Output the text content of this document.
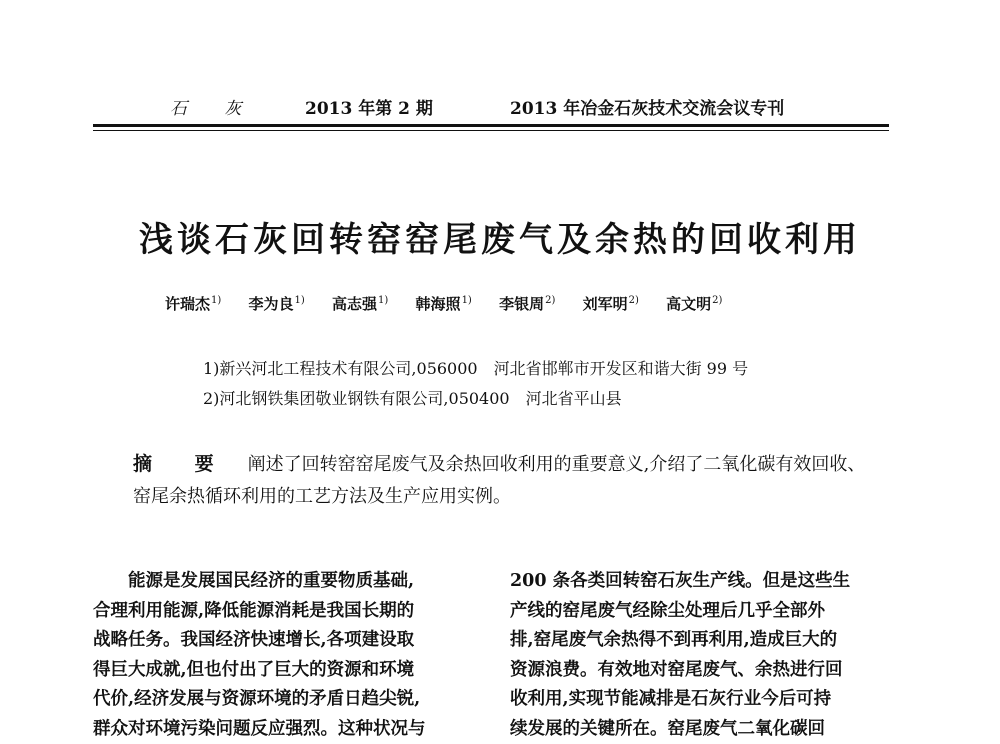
石 灰	2013 年第 2 期	2013 年冶金石灰技术交流会议专刊
浅谈石灰回转窑窑尾废气及余热的回收利用
许瑞杰$^{1)}$ 李为良$^{1)}$ 高志强$^{1)}$ 韩海照$^{1)}$ 李银周$^{2)}$ 刘军明$^{2)}$ 高文明$^{2)}$
1)新兴河北工程技术有限公司,056000　河北省邯郸市开发区和谐大街 99 号
2)河北钢铁集团敬业钢铁有限公司,050400　河北省平山县
摘 要 阐述了回转窑窑尾废气及余热回收利用的重要意义,介绍了二氧化碳有效回收、窑尾余热循环利用的工艺方法及生产应用实例。

　　能源是发展国民经济的重要物质基础,

合理利用能源,降低能源消耗是我国长期的

战略任务。我国经济快速增长,各项建设取

得巨大成就,但也付出了巨大的资源和环境

代价,经济发展与资源环境的矛盾日趋尖锐,

群众对环境污染问题反应强烈。这种状况与

200 条各类回转窑石灰生产线。但是这些生

产线的窑尾废气经除尘处理后几乎全部外

排,窑尾废气余热得不到再利用,造成巨大的

资源浪费。有效地对窑尾废气、余热进行回

收利用,实现节能减排是石灰行业今后可持

续发展的关键所在。窑尾废气二氧化碳回
